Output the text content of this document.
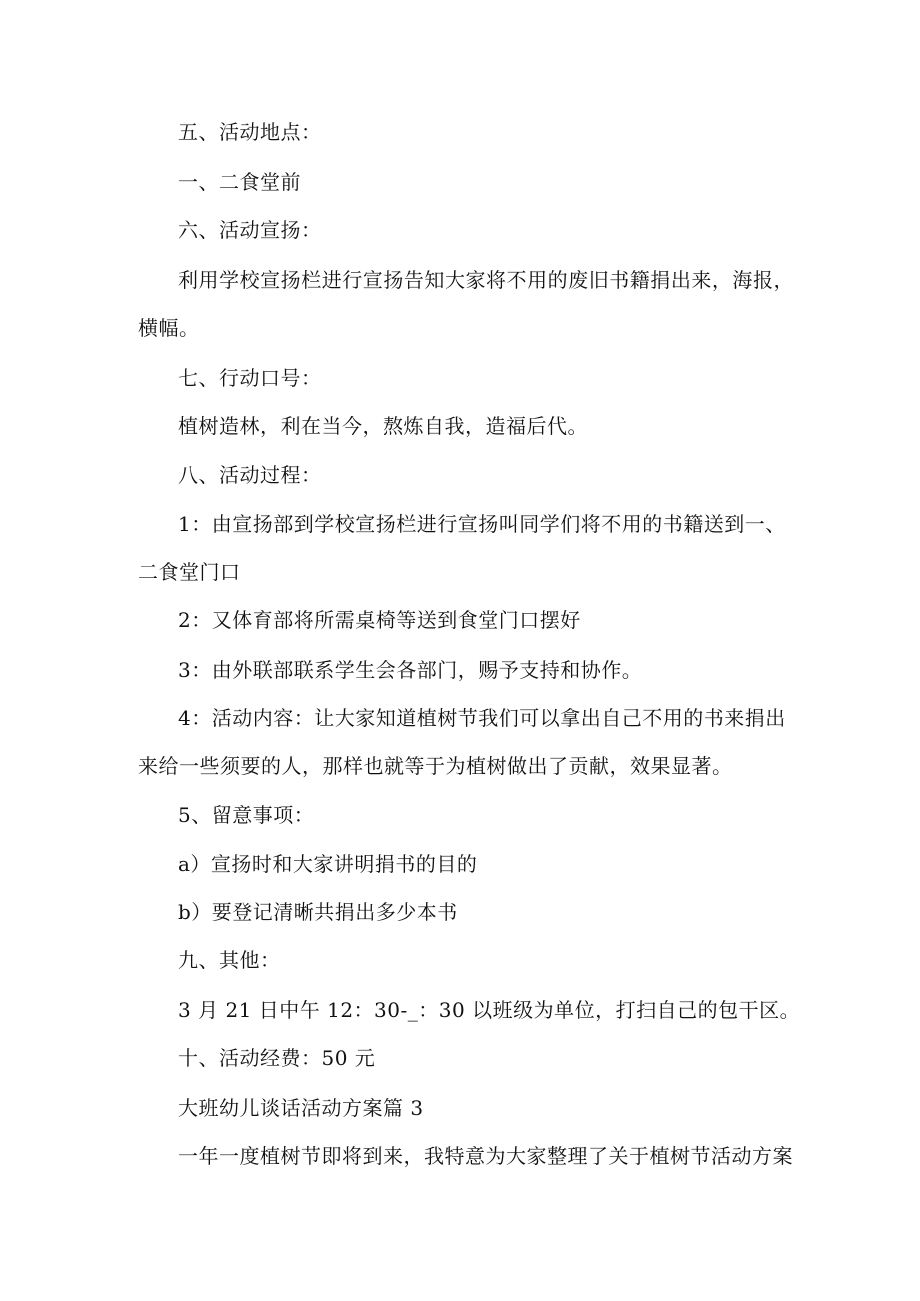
五、活动地点：
一、二食堂前
六、活动宣扬：
利用学校宣扬栏进行宣扬告知大家将不用的废旧书籍捐出来，海报，
横幅。
七、行动口号：
植树造林，利在当今，熬炼自我，造福后代。
八、活动过程：
1：由宣扬部到学校宣扬栏进行宣扬叫同学们将不用的书籍送到一、
二食堂门口
2：又体育部将所需桌椅等送到食堂门口摆好
3：由外联部联系学生会各部门，赐予支持和协作。
4：活动内容：让大家知道植树节我们可以拿出自己不用的书来捐出
来给一些须要的人，那样也就等于为植树做出了贡献，效果显著。
5、留意事项：
a）宣扬时和大家讲明捐书的目的
b）要登记清晰共捐出多少本书
九、其他：
3 月 21 日中午 12：30-_：30 以班级为单位，打扫自己的包干区。
十、活动经费：50 元
大班幼儿谈话活动方案篇 3
一年一度植树节即将到来，我特意为大家整理了关于植树节活动方案
